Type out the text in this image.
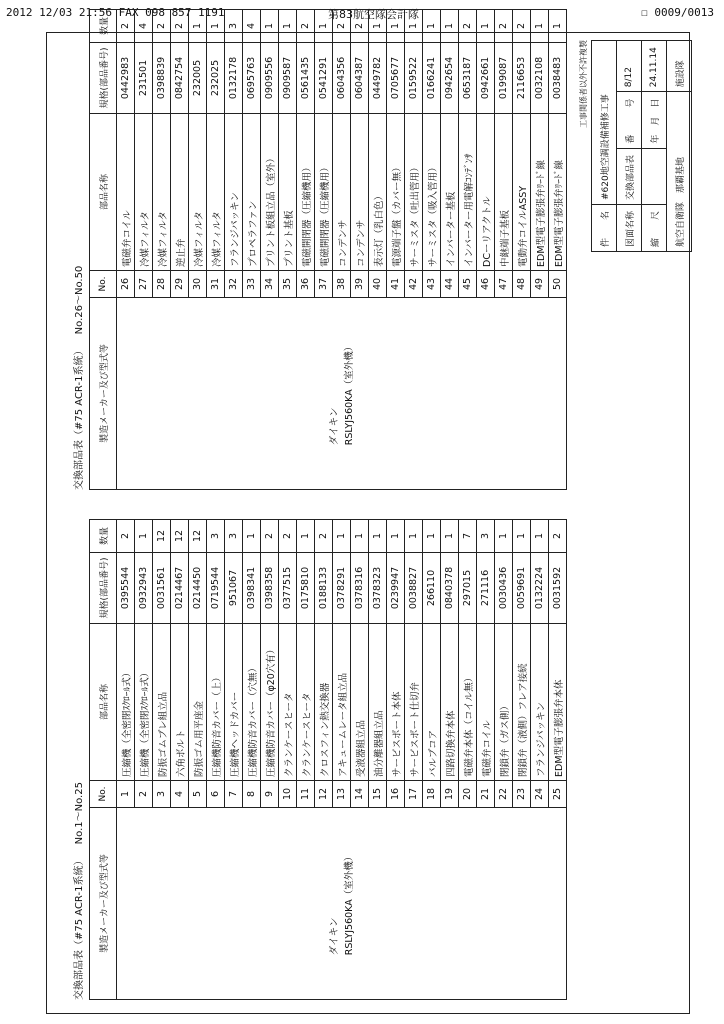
2012 12/03 21:56 FAX 098 857 1191	第83航空隊会計隊	☐ 0009/0013
交換部品表（#75 ACR-1系統） No.1～No.25
製造メーカー及び型式等	No.	部品名称	規格(部品番号)	数量

ダイキン RSLYJ560KA（室外機）	1	圧縮機（全密閉ｽｸﾛｰﾙ式）	0395544	2
	2	圧縮機（全密閉ｽｸﾛｰﾙ式）	0932943	1
	3	防振ゴムブレ組立品	0031561	12
	4	六角ボルト	0214467	12
	5	防振ゴム用平座金	0214450	12
	6	圧縮機防音カバー（上）	0719544	3
	7	圧縮機ヘッドカバー	951067	3
	8	圧縮機防音カバー（穴無）	0398341	1
	9	圧縮機防音カバー（φ20穴有）	0398358	2
	10	クランケースヒータ	0377515	2
	11	クランケースヒータ	0175810	1
	12	クロスフィン熱交換器	0188133	2
	13	アキュームレータ組立品	0378291	1
	14	受液器組立品	0378316	1
	15	油分離器組立品	0378323	1
	16	サービスポート本体	0239947	1
	17	サービスポート仕切弁	0038827	1
	18	バルブコア	266110	1
	19	四路切換弁本体	0840378	1
	20	電磁弁本体（コイル無）	297015	7
	21	電磁弁コイル	271116	3
	22	閉鎖弁（ガス側）	0030436	1
	23	閉鎖弁（液側）フレア接続	0059691	1
	24	フランジパッキン	0132224	1
	25	EDM型電子膨張弁本体	0031592	2
交換部品表（#75 ACR-1系統） No.26～No.50
製造メーカー及び型式等	No.	部品名称	規格(部品番号)	数量

ダイキン RSLYJ560KA（室外機）	26	電磁弁コイル	0442983	2
	27	冷媒フィルタ	231501	4
	28	冷媒フィルタ	0398839	2
	29	逆止弁	0842754	2
	30	冷媒フィルタ	232005	1
	31	冷媒フィルタ	232025	1
	32	フランジパッキン	0132178	3
	33	プロペラファン	0695763	4
	34	プリント板組立品（室外）	0909556	1
	35	プリント基板	0909587	1
	36	電磁開閉器（圧縮機用）	0561435	2
	37	電磁開閉器（圧縮機用）	0541291	1
	38	コンデンサ	0604356	2
	39	コンデンサ	0604387	2
	40	表示灯（乳白色）	0449782	1
	41	電源端子盤（カバー無）	0705677	1
	42	サーミスタ（吐出管用）	0159522	1
	43	サーミスタ（吸入管用）	0166241	1
	44	インバーター基板	0942654	1
	45	インバーター用電解ｺﾝﾃﾞﾝｻ	0653187	2
	46	DCーリアクトル	0942661	1
	47	中継端子基板	0199087	2
	48	電動弁コイルASSY	2116653	2
	49	EDM型電子膨張弁ﾘｰﾄﾞ線	0032108	1
	50	EDM型電子膨張弁ﾘｰﾄﾞ線	0038483	1
工事関係者以外不許複製
件　　名	#620地空調設備補修工事		
図面名称	交換部品表	番　　　号	8/12
縮　　尺		年　月　日	24.11.14
航空自衛隊　那覇基地			施設隊
